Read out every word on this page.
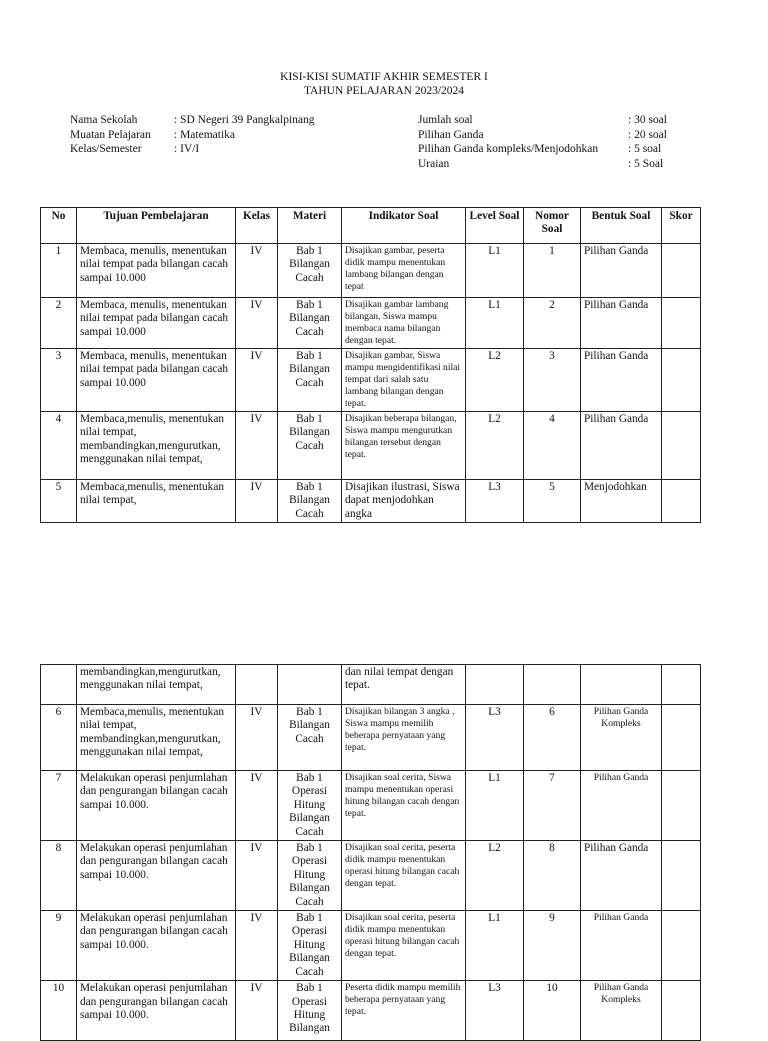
KISI-KISI SUMATIF AKHIR SEMESTER I
TAHUN PELAJARAN 2023/2024
Nama Sekolah	: SD Negeri 39 Pangkalpinang
Muatan Pelajaran	: Matematika
Kelas/Semester	: IV/I
Jumlah soal	: 30 soal
Pilihan Ganda	: 20 soal
Pilihan Ganda kompleks/Menjodohkan	: 5 soal
Uraian	: 5 Soal
No	Tujuan Pembelajaran	Kelas	Materi	Indikator Soal	Level Soal	Nomor Soal	Bentuk Soal	Skor
1	Membaca, menulis, menentukan nilai tempat pada bilangan cacah sampai 10.000	IV	Bab 1 Bilangan Cacah	Disajikan gambar, peserta didik mampu menentukan lambang bilangan dengan tepat	L1	1	Pilihan Ganda	
2	Membaca, menulis, menentukan nilai tempat pada bilangan cacah sampai 10.000	IV	Bab 1 Bilangan Cacah	Disajikan gambar lambang bilangan, Siswa mampu membaca nama bilangan dengan tepat.	L1	2	Pilihan Ganda	
3	Membaca, menulis, menentukan nilai tempat pada bilangan cacah sampai 10.000	IV	Bab 1 Bilangan Cacah	Disajikan gambar, Siswa mampu mengidentifikasi nilai tempat dari salah satu lambang bilangan dengan tepat.	L2	3	Pilihan Ganda	
4	Membaca,menulis, menentukan nilai tempat, membandingkan,mengurutkan, menggunakan nilai tempat,	IV	Bab 1 Bilangan Cacah	Disajikan beberapa bilangan, Siswa mampu mengurutkan bilangan tersebut dengan tepat.	L2	4	Pilihan Ganda	
5	Membaca,menulis, menentukan nilai tempat,	IV	Bab 1 Bilangan Cacah	Disajikan ilustrasi, Siswa dapat menjodohkan angka	L3	5	Menjodohkan	
	membandingkan,mengurutkan, menggunakan nilai tempat,			dan nilai tempat dengan tepat.				
6	Membaca,menulis, menentukan nilai tempat, membandingkan,mengurutkan, menggunakan nilai tempat,	IV	Bab 1 Bilangan Cacah	Disajikan bilangan 3 angka , Siswa mampu memilih beberapa pernyataan yang tepat.	L3	6	Pilihan Ganda Kompleks	
7	Melakukan operasi penjumlahan dan pengurangan bilangan cacah sampai 10.000.	IV	Bab 1 Operasi Hitung Bilangan Cacah	Disajikan soal cerita, Siswa mampu menentukan operasi hitung bilangan cacah dengan tepat.	L1	7	Pilihan Ganda	
8	Melakukan operasi penjumlahan dan pengurangan bilangan cacah sampai 10.000.	IV	Bab 1 Operasi Hitung Bilangan Cacah	Disajikan soal cerita, peserta didik mampu menentukan operasi hitung bilangan cacah dengan tepat.	L2	8	Pilihan Ganda	
9	Melakukan operasi penjumlahan dan pengurangan bilangan cacah sampai 10.000.	IV	Bab 1 Operasi Hitung Bilangan Cacah	Disajikan soal cerita, peserta didik mampu menentukan operasi hitung bilangan cacah dengan tepat.	L1	9	Pilihan Ganda	
10	Melakukan operasi penjumlahan dan pengurangan bilangan cacah sampai 10.000.	IV	Bab 1 Operasi Hitung Bilangan	Peserta didik mampu memilih beberapa pernyataan yang tepat.	L3	10	Pilihan Ganda Kompleks	
